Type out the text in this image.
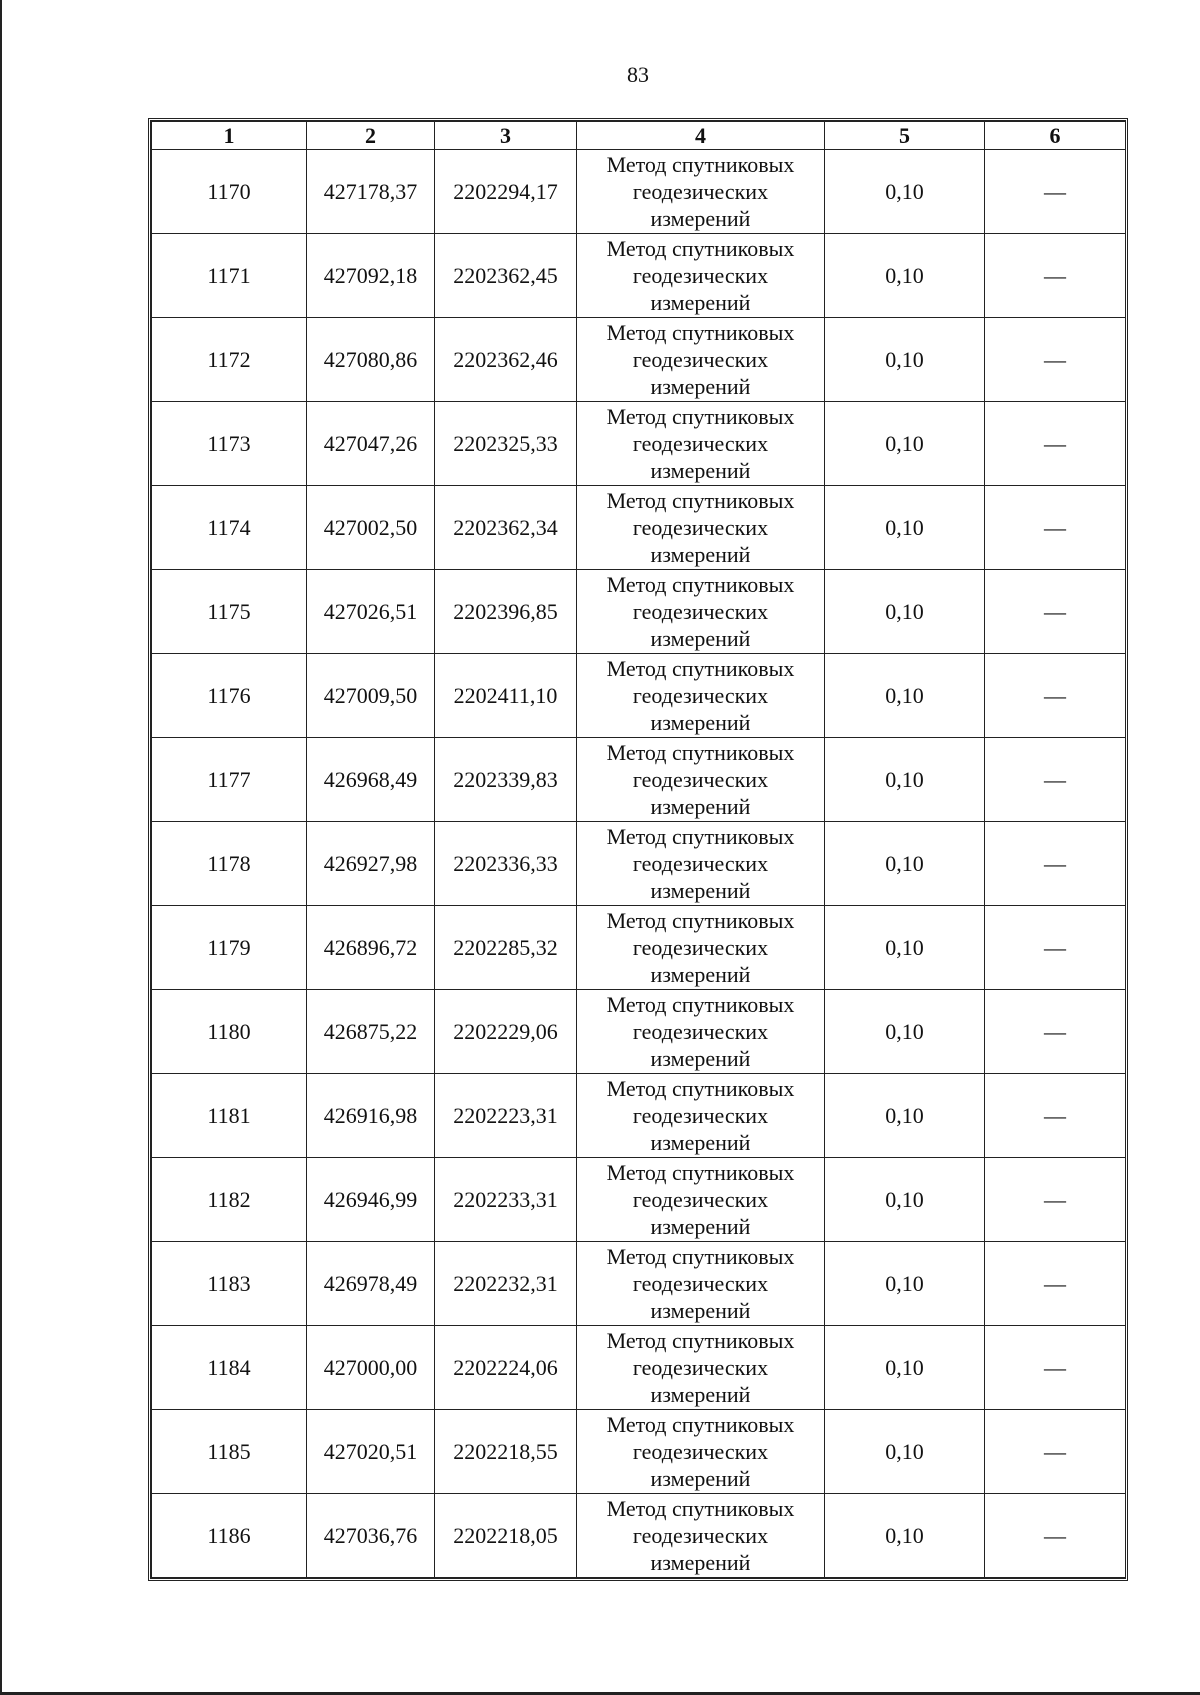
83
1	2	3	4	5	6
1170	427178,37	2202294,17	Метод спутниковых
геодезических
измерений	0,10	—
1171	427092,18	2202362,45	Метод спутниковых
геодезических
измерений	0,10	—
1172	427080,86	2202362,46	Метод спутниковых
геодезических
измерений	0,10	—
1173	427047,26	2202325,33	Метод спутниковых
геодезических
измерений	0,10	—
1174	427002,50	2202362,34	Метод спутниковых
геодезических
измерений	0,10	—
1175	427026,51	2202396,85	Метод спутниковых
геодезических
измерений	0,10	—
1176	427009,50	2202411,10	Метод спутниковых
геодезических
измерений	0,10	—
1177	426968,49	2202339,83	Метод спутниковых
геодезических
измерений	0,10	—
1178	426927,98	2202336,33	Метод спутниковых
геодезических
измерений	0,10	—
1179	426896,72	2202285,32	Метод спутниковых
геодезических
измерений	0,10	—
1180	426875,22	2202229,06	Метод спутниковых
геодезических
измерений	0,10	—
1181	426916,98	2202223,31	Метод спутниковых
геодезических
измерений	0,10	—
1182	426946,99	2202233,31	Метод спутниковых
геодезических
измерений	0,10	—
1183	426978,49	2202232,31	Метод спутниковых
геодезических
измерений	0,10	—
1184	427000,00	2202224,06	Метод спутниковых
геодезических
измерений	0,10	—
1185	427020,51	2202218,55	Метод спутниковых
геодезических
измерений	0,10	—
1186	427036,76	2202218,05	Метод спутниковых
геодезических
измерений	0,10	—
